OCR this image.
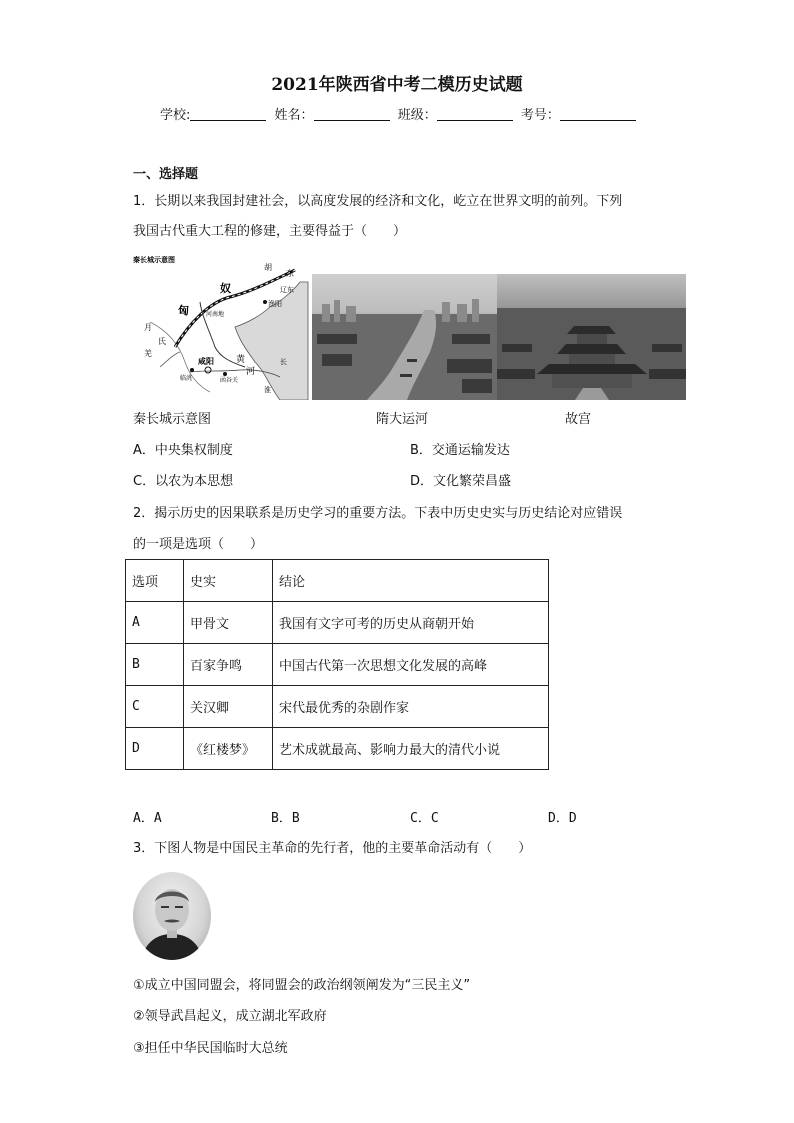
2021年陕西省中考二模历史试题
学校:	姓名：	班级：	考号：
一、选择题
1．长期以来我国封建社会，以高度发展的经济和文化，屹立在世界文明的前列。下列
我国古代重大工程的修建，主要得益于（　　）
秦长城示意图
胡
东
奴
河南地
辽东
渔阳
匈
月
氏
羌
咸阳 黄
河
临洮	函谷关
淮
长
秦长城示意图	隋大运河	故宫
A．中央集权制度	B．交通运输发达
C．以农为本思想	D．文化繁荣昌盛
2．揭示历史的因果联系是历史学习的重要方法。下表中历史史实与历史结论对应错误
的一项是选项（　　）
选项	史实	结论
A	甲骨文	我国有文字可考的历史从商朝开始
B	百家争鸣	中国古代第一次思想文化发展的高峰
C	关汉卿	宋代最优秀的杂剧作家
D	《红楼梦》	艺术成就最高、影响力最大的清代小说
A．A	B．B	C．C	D．D
3．下图人物是中国民主革命的先行者，他的主要革命活动有（　　）
①成立中国同盟会，将同盟会的政治纲领阐发为“三民主义”
②领导武昌起义，成立湖北军政府
③担任中华民国临时大总统
